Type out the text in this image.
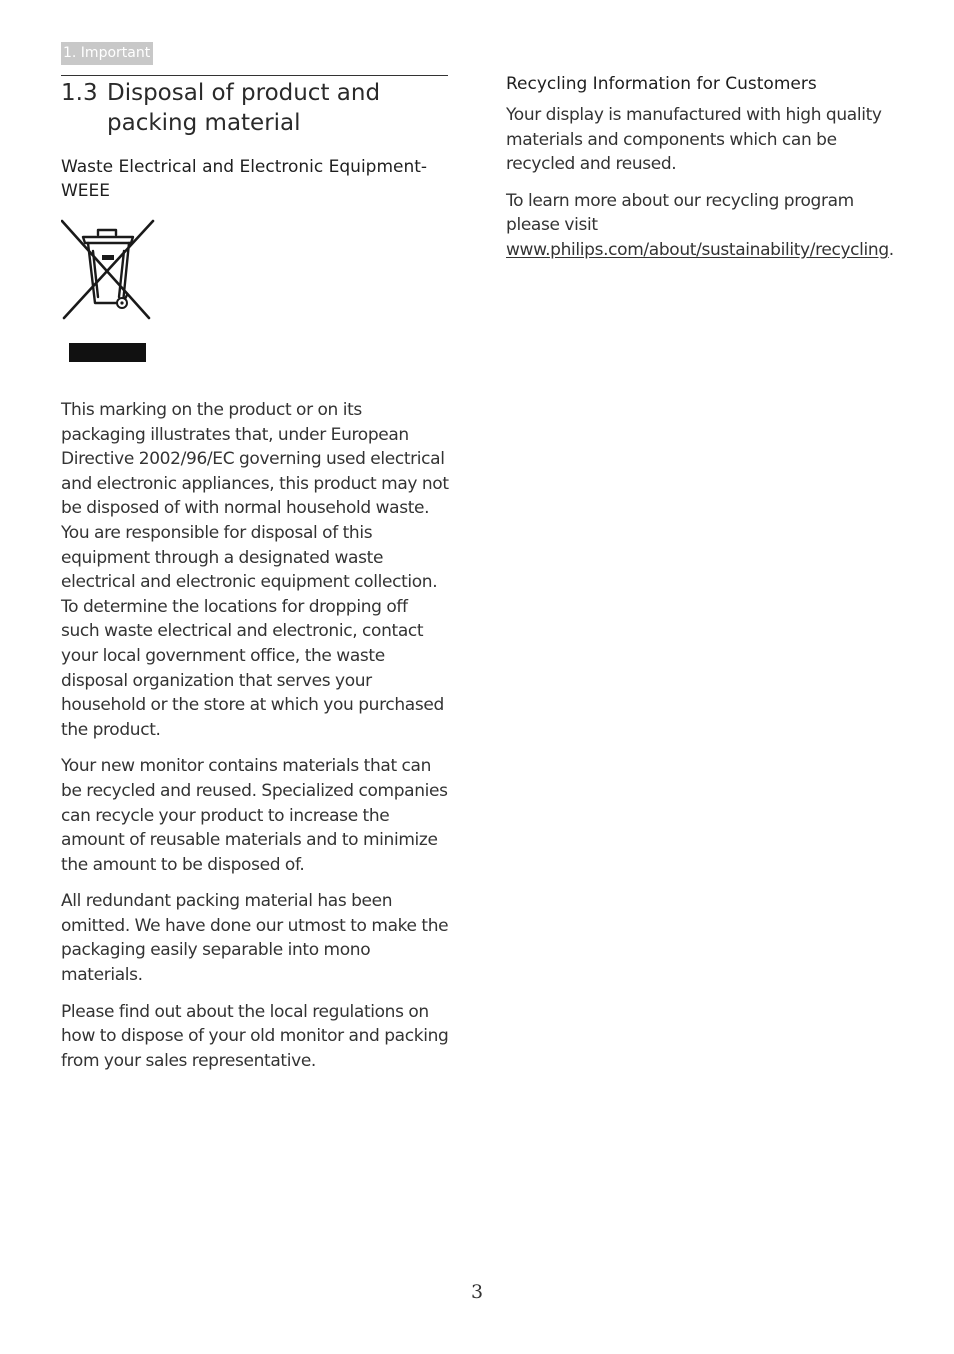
1. Important
1.3 Disposal of product and packing material
Waste Electrical and Electronic Equipment-WEEE

This marking on the product or on its packaging illustrates that, under European Directive 2002/96/EC governing used electrical and electronic appliances, this product may not be disposed of with normal household waste. You are responsible for disposal of this equipment through a designated waste electrical and electronic equipment collection. To determine the locations for dropping off such waste electrical and electronic, contact your local government office, the waste disposal organization that serves your household or the store at which you purchased the product.

Your new monitor contains materials that can be recycled and reused. Specialized companies can recycle your product to increase the amount of reusable materials and to minimize the amount to be disposed of.

All redundant packing material has been omitted. We have done our utmost to make the packaging easily separable into mono materials.

Please find out about the local regulations on how to dispose of your old monitor and packing from your sales representative.

Recycling Information for Customers

Your display is manufactured with high quality materials and components which can be recycled and reused.

To learn more about our recycling program please visit www.philips.com/about/sustainability/recycling.

3
